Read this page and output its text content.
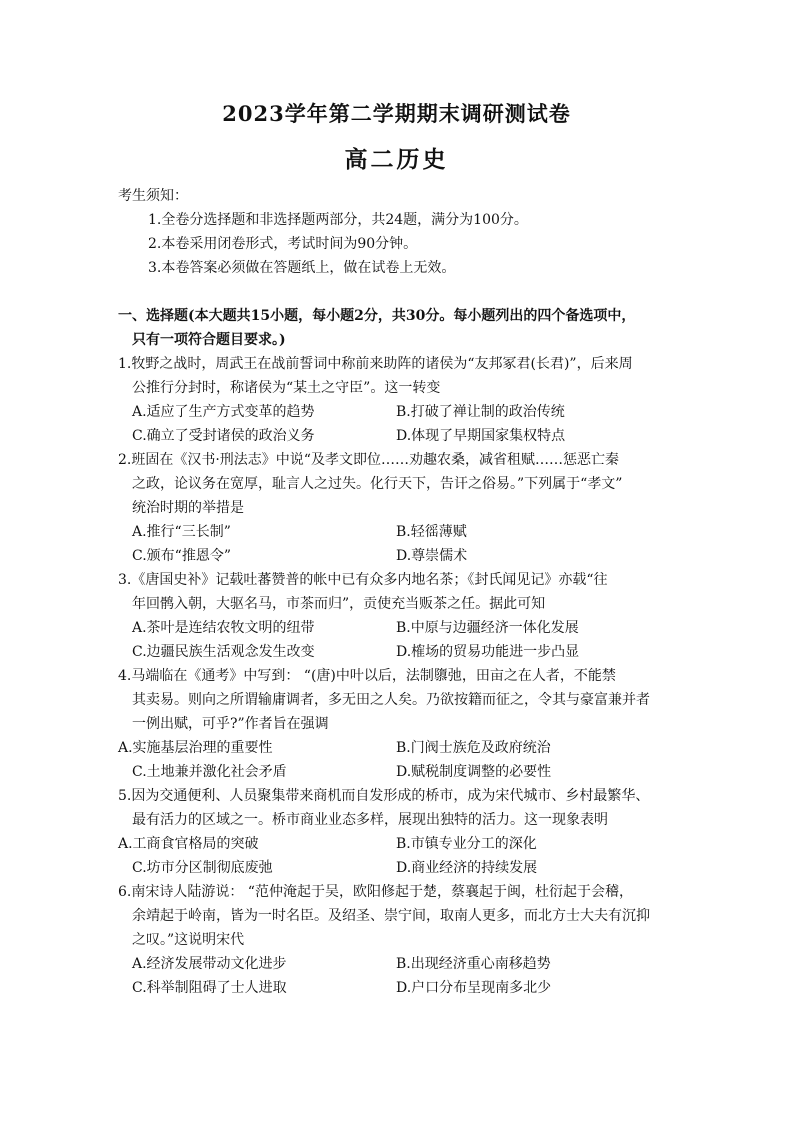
2023学年第二学期期末调研测试卷
高二历史
考生须知：
1.全卷分选择题和非选择题两部分，共24题，满分为100分。
2.本卷采用闭卷形式，考试时间为90分钟。
3.本卷答案必须做在答题纸上，做在试卷上无效。
一、选择题(本大题共15小题，每小题2分，共30分。每小题列出的四个备选项中，
只有一项符合题目要求。)
1.牧野之战时，周武王在战前誓词中称前来助阵的诸侯为“友邦冢君(长君)”，后来周
公推行分封时，称诸侯为“某土之守臣”。这一转变
A.适应了生产方式变革的趋势	B.打破了禅让制的政治传统
C.确立了受封诸侯的政治义务	D.体现了早期国家集权特点
2.班固在《汉书·刑法志》中说“及孝文即位……劝趣农桑，减省租赋……惩恶亡秦
之政，论议务在宽厚，耻言人之过失。化行天下，告讦之俗易。”下列属于“孝文”
统治时期的举措是
A.推行“三长制”	B.轻徭薄赋
C.颁布“推恩令”	D.尊崇儒术
3.《唐国史补》记载吐蕃赞普的帐中已有众多内地名茶；《封氏闻见记》亦载“往
年回鹘入朝，大驱名马，市茶而归”，贡使充当贩茶之任。据此可知
A.茶叶是连结农牧文明的纽带	B.中原与边疆经济一体化发展
C.边疆民族生活观念发生改变	D.榷场的贸易功能进一步凸显
4.马端临在《通考》中写到： “(唐)中叶以后，法制隳弛，田亩之在人者，不能禁
其卖易。则向之所谓输庸调者，多无田之人矣。乃欲按籍而征之，令其与豪富兼并者
一例出赋，可乎?”作者旨在强调
A.实施基层治理的重要性	B.门阀士族危及政府统治
C.土地兼并激化社会矛盾	D.赋税制度调整的必要性
5.因为交通便利、人员聚集带来商机而自发形成的桥市，成为宋代城市、乡村最繁华、
最有活力的区域之一。桥市商业业态多样，展现出独特的活力。这一现象表明
A.工商食官格局的突破	B.市镇专业分工的深化
C.坊市分区制彻底废弛	D.商业经济的持续发展
6.南宋诗人陆游说： “范仲淹起于吴，欧阳修起于楚，蔡襄起于闽，杜衍起于会稽，
余靖起于岭南，皆为一时名臣。及绍圣、崇宁间，取南人更多，而北方士大夫有沉抑
之叹。”这说明宋代
A.经济发展带动文化进步	B.出现经济重心南移趋势
C.科举制阻碍了士人进取	D.户口分布呈现南多北少
